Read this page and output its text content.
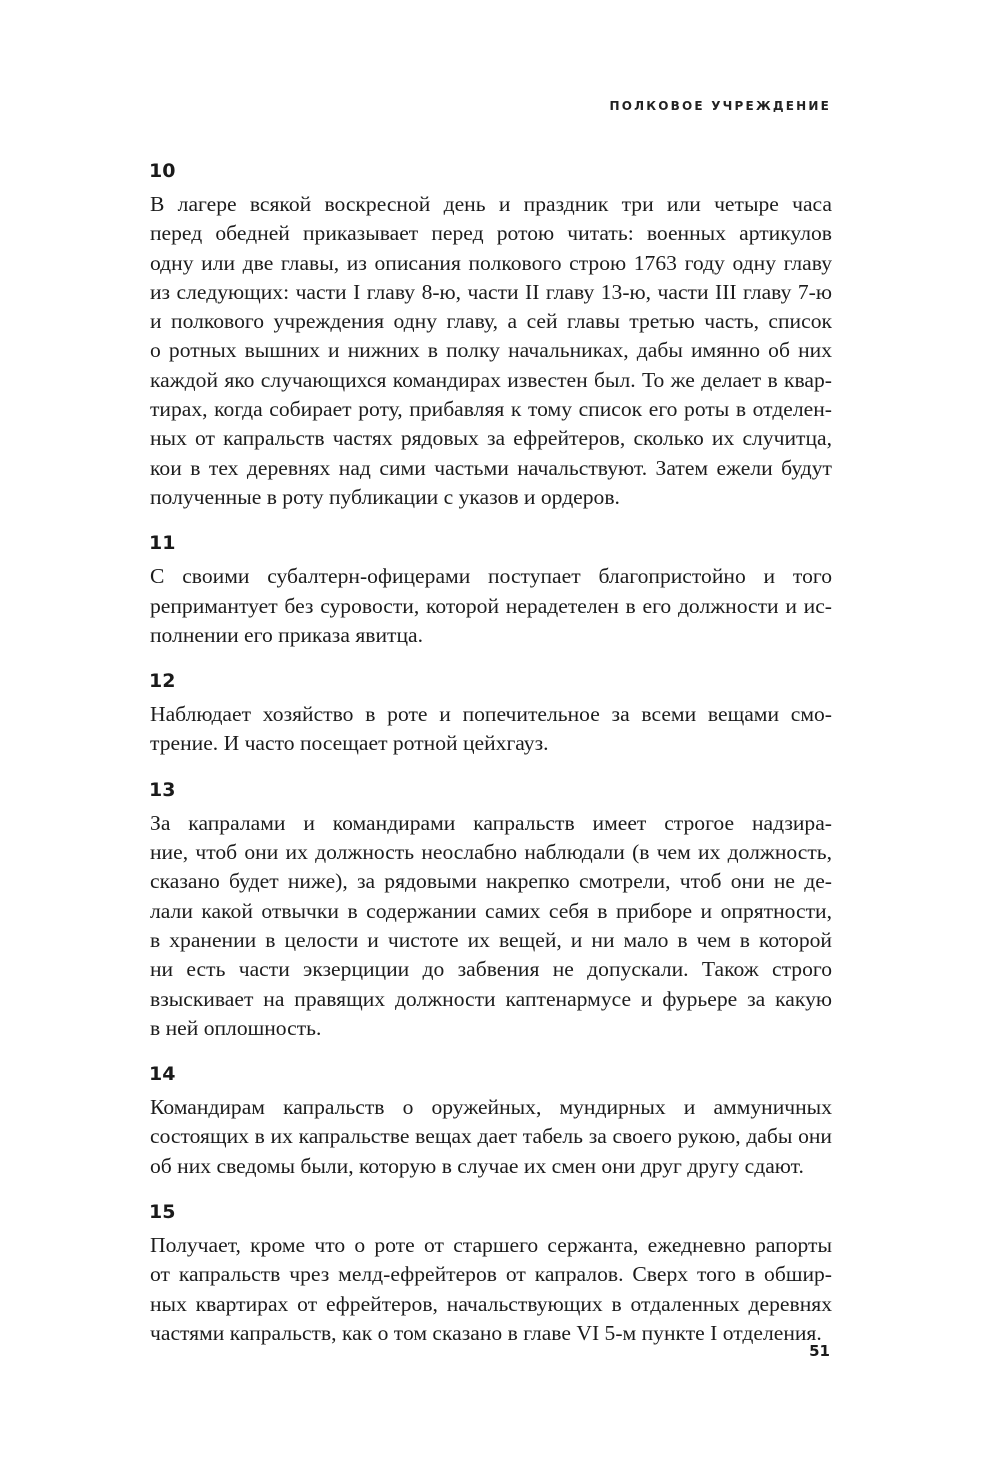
ПОЛКОВОЕ УЧРЕЖДЕНИЕ
10

В лагере всякой воскресной день и праздник три или четыре часа
перед обедней приказывает перед ротою читать: военных артикулов
одну или две главы, из описания полкового строю 1763 году одну главу
из следующих: части I главу 8-ю, части II главу 13-ю, части III главу 7-ю
и полкового учреждения одну главу, а сей главы третью часть, список
о ротных вышних и нижних в полку начальниках, дабы имянно об них
каждой яко случающихся командирах известен был. То же делает в квар-
тирах, когда собирает роту, прибавляя к тому список его роты в отделен-
ных от капральств частях рядовых за ефрейтеров, сколько их случитца,
кои в тех деревнях над сими частьми начальствуют. Затем ежели будут
полученные в роту публикации с указов и ордеров.

11

С своими субалтерн-офицерами поступает благопристойно и того
репримантует без суровости, которой нерадетелен в его должности и ис-
полнении его приказа явитца.

12

Наблюдает хозяйство в роте и попечительное за всеми вещами смо-
трение. И часто посещает ротной цейхгауз.

13

За капралами и командирами капральств имеет строгое надзира-
ние, чтоб они их должность неослабно наблюдали (в чем их должность,
сказано будет ниже), за рядовыми накрепко смотрели, чтоб они не де-
лали какой отвычки в содержании самих себя в приборе и опрятности,
в хранении в целости и чистоте их вещей, и ни мало в чем в которой
ни есть части экзерциции до забвения не допускали. Також строго
взыскивает на правящих должности каптенармусе и фурьере за какую
в ней оплошность.

14

Командирам капральств о оружейных, мундирных и аммуничных
состоящих в их капральстве вещах дает табель за своего рукою, дабы они
об них сведомы были, которую в случае их смен они друг другу сдают.

15

Получает, кроме что о роте от старшего сержанта, ежедневно рапорты
от капральств чрез мелд-ефрейтеров от капралов. Сверх того в обшир-
ных квартирах от ефрейтеров, начальствующих в отдаленных деревнях
частями капральств, как о том сказано в главе VI 5-м пункте I отделения.

51
